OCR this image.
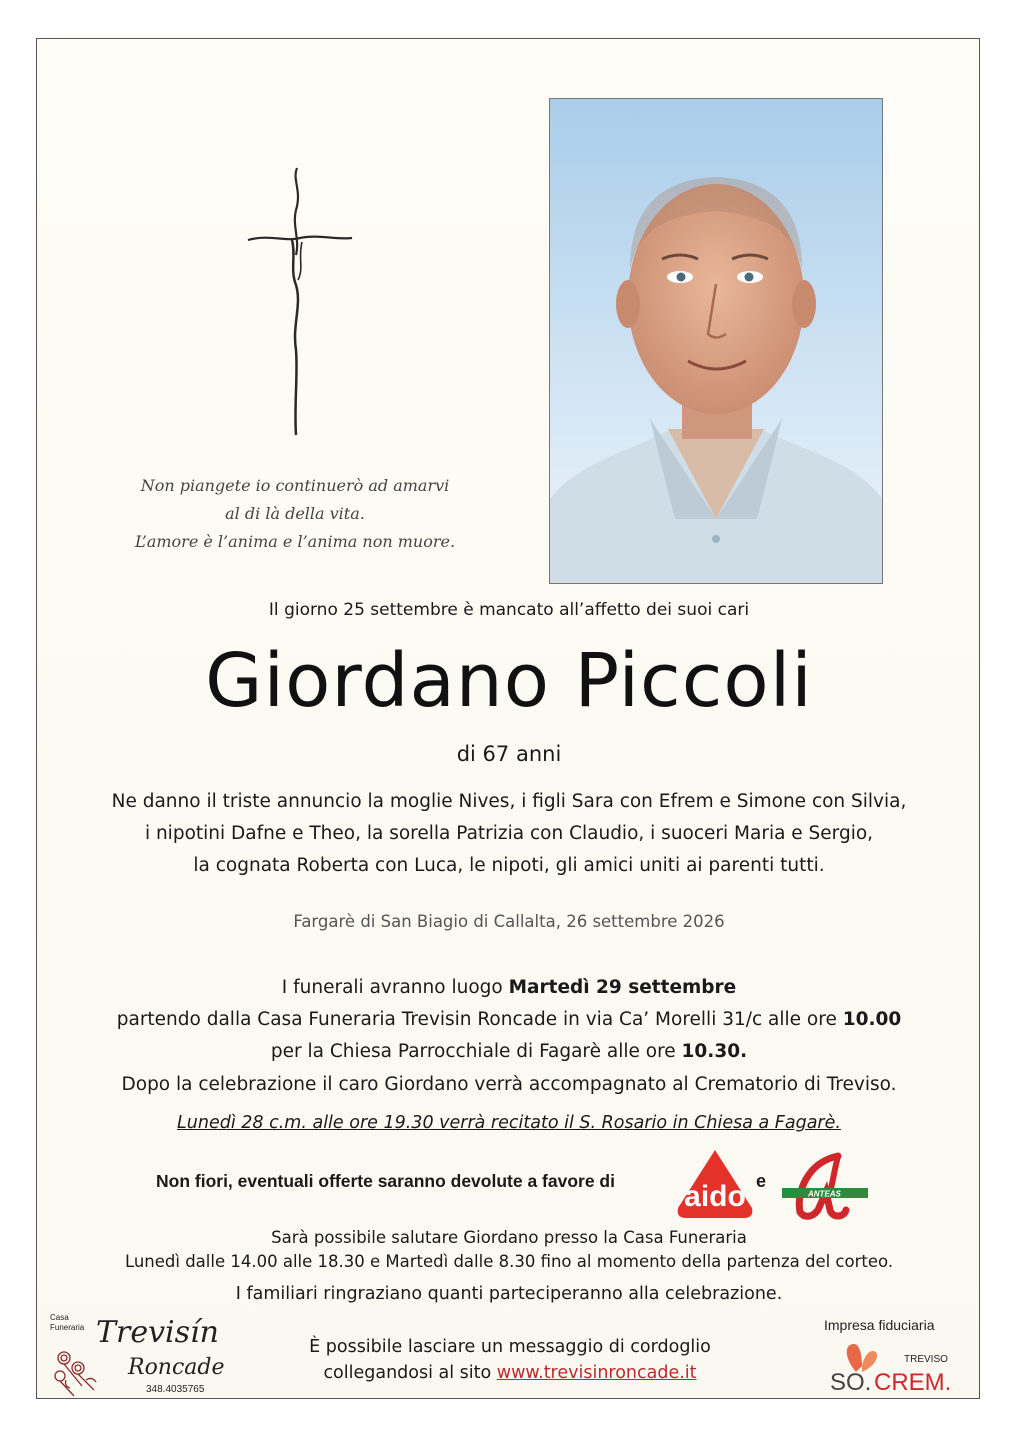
Non piangete io continuerò ad amarvi
al di là della vita.
L’amore è l’anima e l’anima non muore.
Il giorno 25 settembre è mancato all’affetto dei suoi cari
Giordano Piccoli
di 67 anni
Ne danno il triste annuncio la moglie Nives, i figli Sara con Efrem e Simone con Silvia,
i nipotini Dafne e Theo, la sorella Patrizia con Claudio, i suoceri Maria e Sergio,
la cognata Roberta con Luca, le nipoti, gli amici uniti ai parenti tutti.
Fargarè di San Biagio di Callalta, 26 settembre 2026
I funerali avranno luogo Martedì 29 settembre
partendo dalla Casa Funeraria Trevisin Roncade in via Ca’ Morelli 31/c alle ore 10.00
per la Chiesa Parrocchiale di Fagarè alle ore 10.30.
Dopo la celebrazione il caro Giordano verrà accompagnato al Crematorio di Treviso.
Lunedì 28 c.m. alle ore 19.30 verrà recitato il S. Rosario in Chiesa a Fagarè.
Non fiori, eventuali offerte saranno devolute a favore di aido e
ANTEAS
Sarà possibile salutare Giordano presso la Casa Funeraria
Lunedì dalle 14.00 alle 18.30 e Martedì dalle 8.30 fino al momento della partenza del corteo.
I familiari ringraziano quanti parteciperanno alla celebrazione.
È possibile lasciare un messaggio di cordoglio
collegandosi al sito www.trevisinroncade.it
Casa
Funeraria Trevisín
Roncade
348.4035765
Impresa fiduciaria
TREVISO
SO. CREM.
